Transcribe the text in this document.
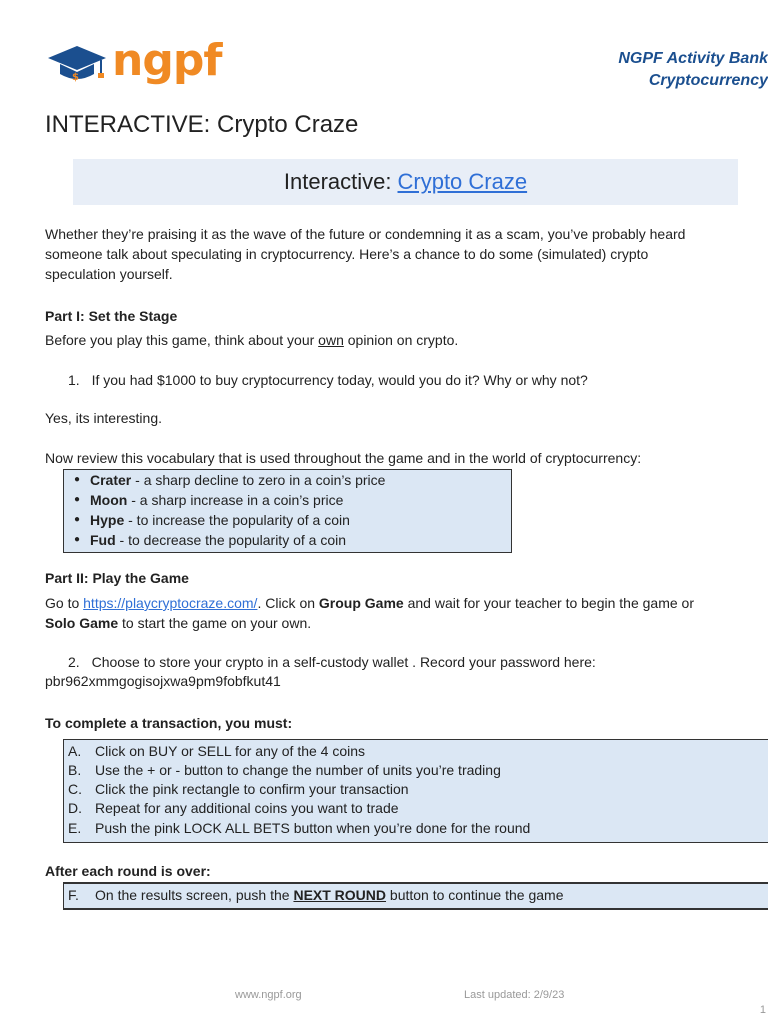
$ ngpf	NGPF Activity Bank
Cryptocurrency
INTERACTIVE: Crypto Craze
Interactive: Crypto Craze
Whether they’re praising it as the wave of the future or condemning it as a scam, you’ve probably heard
someone talk about speculating in cryptocurrency. Here’s a chance to do some (simulated) crypto
speculation yourself.
Part I: Set the Stage
Before you play this game, think about your own opinion on crypto.
1. If you had $1000 to buy cryptocurrency today, would you do it? Why or why not?
Yes, its interesting.
Now review this vocabulary that is used throughout the game and in the world of cryptocurrency:
● Crater - a sharp decline to zero in a coin’s price
● Moon - a sharp increase in a coin’s price
● Hype - to increase the popularity of a coin
● Fud - to decrease the popularity of a coin
Part II: Play the Game
Go to https://playcryptocraze.com/. Click on Group Game and wait for your teacher to begin the game or
Solo Game to start the game on your own.
2. Choose to store your crypto in a self-custody wallet . Record your password here:
pbr962xmmgogisojxwa9pm9fobfkut41
To complete a transaction, you must:
A. Click on BUY or SELL for any of the 4 coins
B. Use the + or - button to change the number of units you’re trading
C. Click the pink rectangle to confirm your transaction
D. Repeat for any additional coins you want to trade
E. Push the pink LOCK ALL BETS button when you’re done for the round
After each round is over:
F.	On the results screen, push the NEXT ROUND button to continue the game
www.ngpf.org	Last updated: 2/9/23
1
